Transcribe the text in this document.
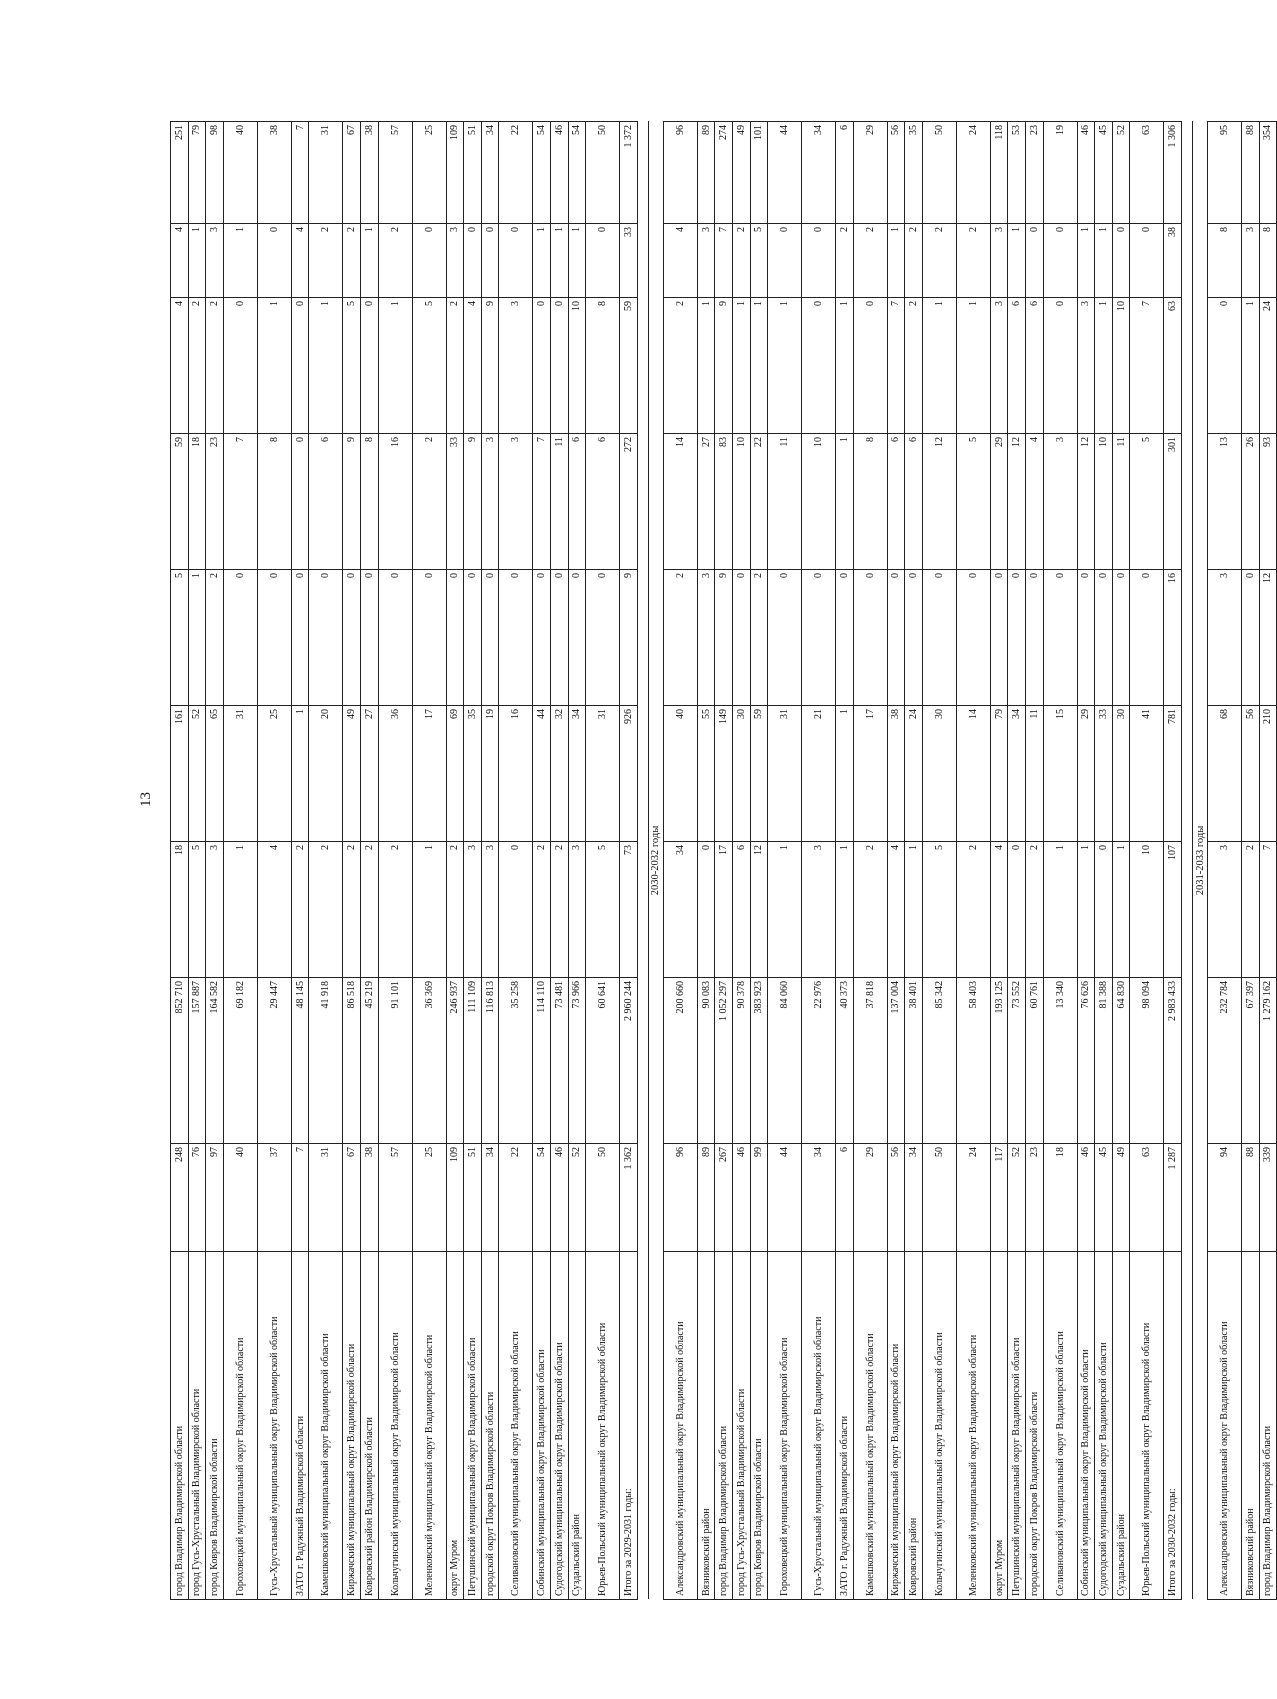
13
город Владимир Владимирской области	248	852 710	18	161	5	59	4	4	251
город Гусь-Хрустальный Владимирской области	76	157 887	5	52	1	18	2	1	79
город Ковров Владимирской области	97	164 582	3	65	2	23	2	3	98
Гороховецкий муниципальный округ Владимирской области	40	69 182	1	31	0	7	0	1	40
Гусь-Хрустальный муниципальный округ Владимирской области	37	29 447	4	25	0	8	1	0	38
ЗАТО г. Радужный Владимирской области	7	48 145	2	1	0	0	0	4	7
Камешковский муниципальный округ Владимирской области	31	41 918	2	20	0	6	1	2	31
Киржачский муниципальный округ Владимирской области	67	86 518	2	49	0	9	5	2	67
Ковровский район Владимирской области	38	45 219	2	27	0	8	0	1	38
Кольчугинский муниципальный округ Владимирской области	57	91 101	2	36	0	16	1	2	57
Меленковский муниципальный округ Владимирской области	25	36 369	1	17	0	2	5	0	25
округ Муром	109	246 937	2	69	0	33	2	3	109
Петушинский муниципальный округ Владимирской области	51	111 109	3	35	0	9	4	0	51
городской округ Покров Владимирской области	34	116 813	3	19	0	3	9	0	34
Селивановский муниципальный округ Владимирской области	22	35 258	0	16	0	3	3	0	22
Собинский муниципальный округ Владимирской области	54	114 110	2	44	0	7	0	1	54
Судогодский муниципальный округ Владимирской области	46	73 481	2	32	0	11	0	1	46
Суздальский район	52	73 966	3	34	0	6	10	1	54
Юрьев-Польский муниципальный округ Владимирской области	50	60 641	5	31	0	6	8	0	50
Итого за 2029-2031 годы:	1 362	2 960 244	73	926	9	272	59	33	1 372

2030-2032 годы									
Александровский муниципальный округ Владимирской области	96	200 660	34	40	2	14	2	4	96
Вязниковский район	89	90 083	0	55	3	27	1	3	89
город Владимир Владимирской области	267	1 052 297	17	149	9	83	9	7	274
город Гусь-Хрустальный Владимирской области	46	90 378	6	30	0	10	1	2	49
город Ковров Владимирской области	99	383 923	12	59	2	22	1	5	101
Гороховецкий муниципальный округ Владимирской области	44	84 060	1	31	0	11	1	0	44
Гусь-Хрустальный муниципальный округ Владимирской области	34	22 976	3	21	0	10	0	0	34
ЗАТО г. Радужный Владимирской области	6	40 373	1	1	0	1	1	2	6
Камешковский муниципальный округ Владимирской области	29	37 818	2	17	0	8	0	2	29
Киржачский муниципальный округ Владимирской области	56	137 004	4	38	0	6	7	1	56
Ковровский район	34	38 401	1	24	0	6	2	2	35
Кольчугинский муниципальный округ Владимирской области	50	85 342	5	30	0	12	1	2	50
Меленковский муниципальный округ Владимирской области	24	58 403	2	14	0	5	1	2	24
округ Муром	117	193 125	4	79	0	29	3	3	118
Петушинский муниципальный округ Владимирской области	52	73 552	0	34	0	12	6	1	53
городской округ Покров Владимирской области	23	60 761	2	11	0	4	6	0	23
Селивановский муниципальный округ Владимирской области	18	13 340	1	15	0	3	0	0	19
Собинский муниципальный округ Владимирской области	46	76 626	1	29	0	12	3	1	46
Судогодский муниципальный округ Владимирской области	45	81 388	0	33	0	10	1	1	45
Суздальский район	49	64 830	1	30	0	11	10	0	52
Юрьев-Польский муниципальный округ Владимирской области	63	98 094	10	41	0	5	7	0	63
Итого за 2030-2032 годы:	1 287	2 983 433	107	781	16	301	63	38	1 306

2031-2033 годы									
Александровский муниципальный округ Владимирской области	94	232 784	3	68	3	13	0	8	95
Вязниковский район	88	67 397	2	56	0	26	1	3	88
город Владимир Владимирской области	339	1 279 162	7	210	12	93	24	8	354
